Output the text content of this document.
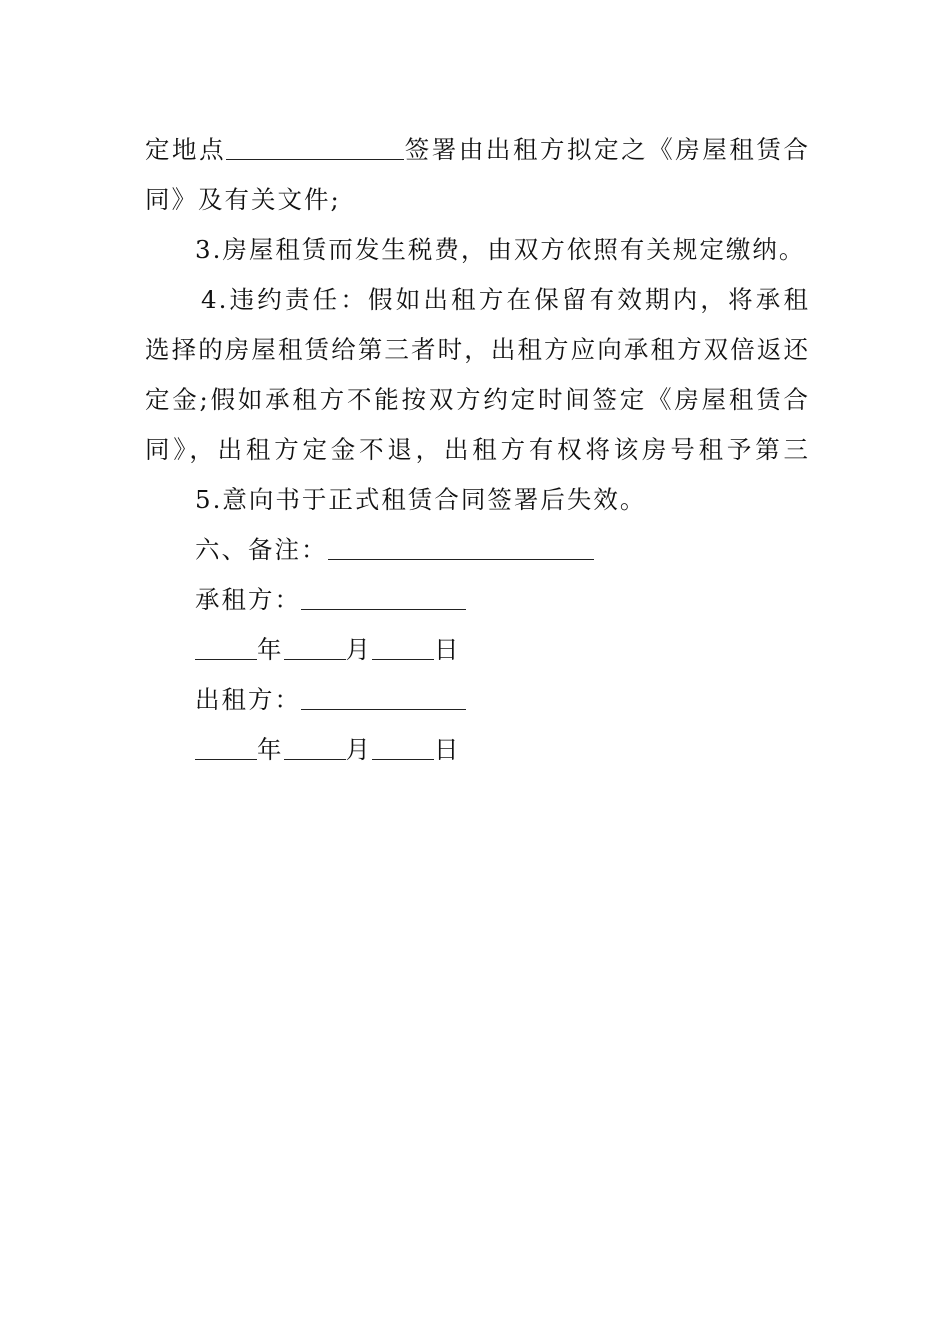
定地点	签署由出租方拟定之《房屋租赁合
同》及有关文件;
3.房屋租赁而发生税费，由双方依照有关规定缴纳。
4.违约责任：假如出租方在保留有效期内，将承租
选择的房屋租赁给第三者时，出租方应向承租方双倍返还
定金;假如承租方不能按双方约定时间签定《房屋租赁合
同》，出租方定金不退，出租方有权将该房号租予第三
5.意向书于正式租赁合同签署后失效。
六、备注：
承租方：
年	月	日
出租方：
年	月	日
